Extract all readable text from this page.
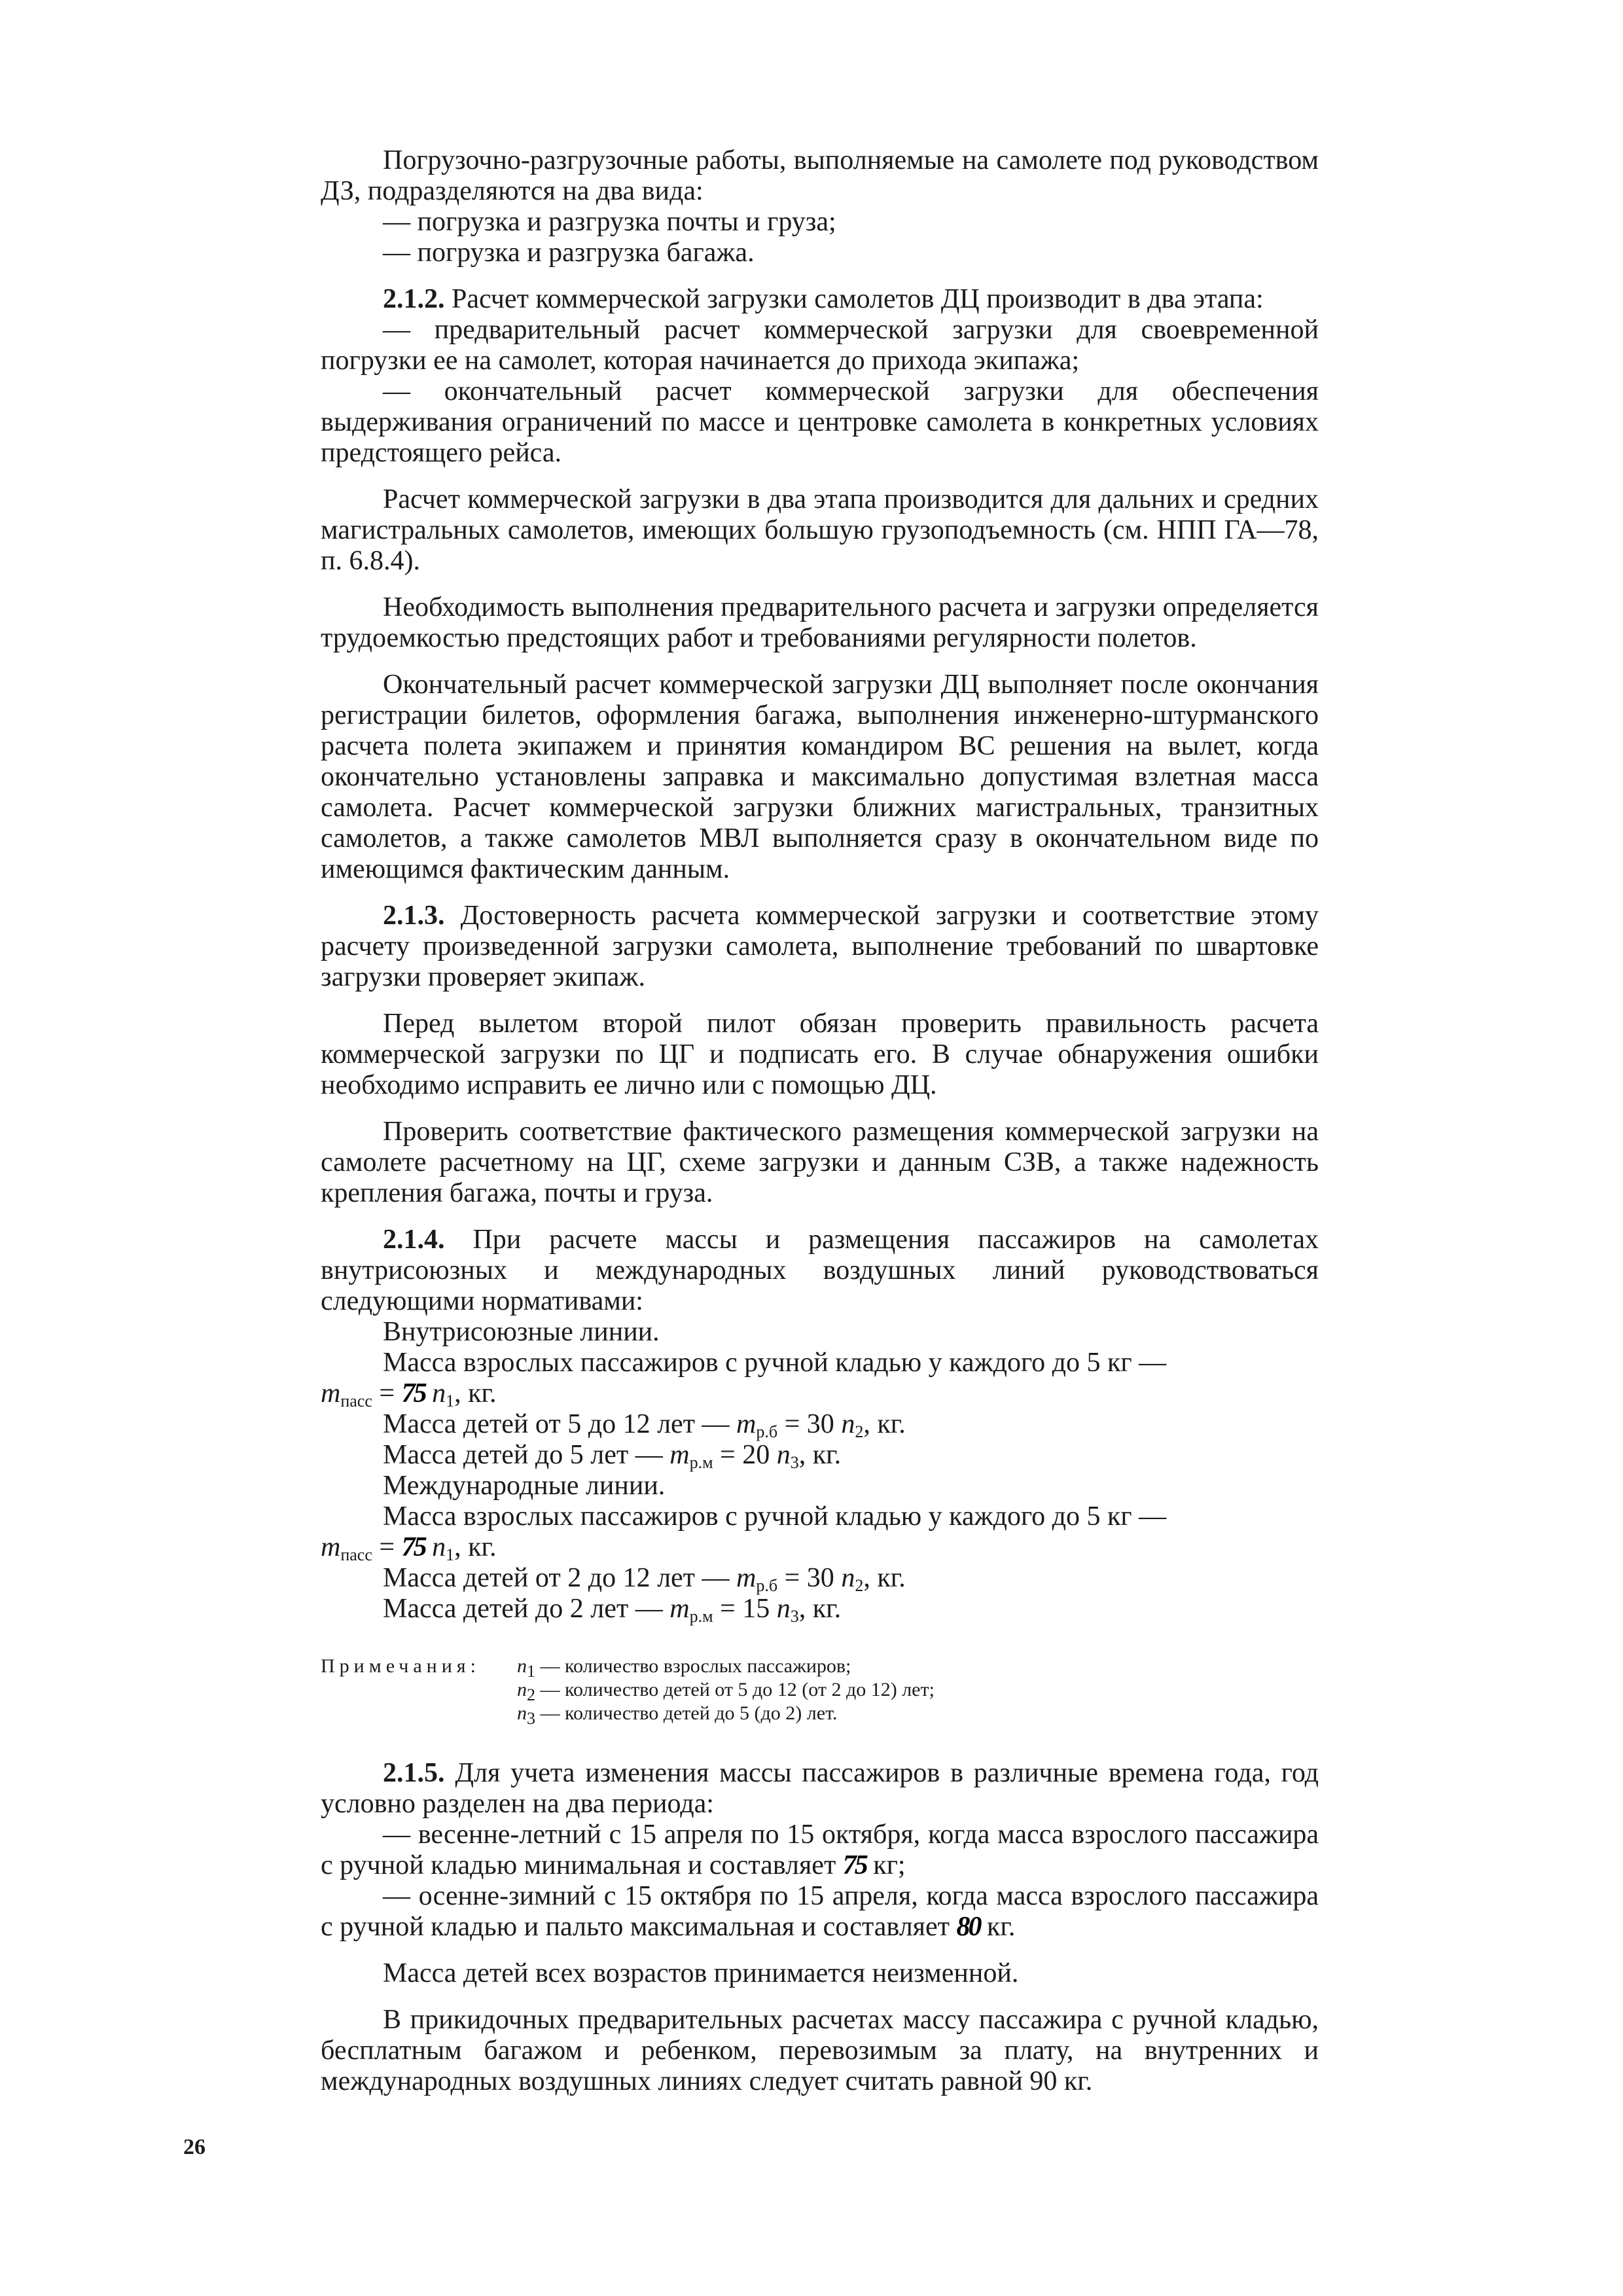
Погрузочно-разгрузочные работы, выполняемые на самолете под руководством ДЗ, подразделяются на два вида:

— погрузка и разгрузка почты и груза;

— погрузка и разгрузка багажа.

2.1.2. Расчет коммерческой загрузки самолетов ДЦ производит в два этапа:

— предварительный расчет коммерческой загрузки для своевременной погрузки ее на самолет, которая начинается до прихода экипажа;

— окончательный расчет коммерческой загрузки для обеспечения выдерживания ограничений по массе и центровке самолета в конкретных условиях предстоящего рейса.

Расчет коммерческой загрузки в два этапа производится для дальних и средних магистральных самолетов, имеющих большую грузоподъемность (см. НПП ГА—78, п. 6.8.4).

Необходимость выполнения предварительного расчета и загрузки определяется трудоемкостью предстоящих работ и требованиями регулярности полетов.

Окончательный расчет коммерческой загрузки ДЦ выполняет после окончания регистрации билетов, оформления багажа, выполнения инженерно-штурманского расчета полета экипажем и принятия командиром ВС решения на вылет, когда окончательно установлены заправка и максимально допустимая взлетная масса самолета. Расчет коммерческой загрузки ближних магистральных, транзитных самолетов, а также самолетов МВЛ выполняется сразу в окончательном виде по имеющимся фактическим данным.

2.1.3. Достоверность расчета коммерческой загрузки и соответствие этому расчету произведенной загрузки самолета, выполнение требований по швартовке загрузки проверяет экипаж.

Перед вылетом второй пилот обязан проверить правильность расчета коммерческой загрузки по ЦГ и подписать его. В случае обнаружения ошибки необходимо исправить ее лично или с помощью ДЦ.

Проверить соответствие фактического размещения коммерческой загрузки на самолете расчетному на ЦГ, схеме загрузки и данным СЗВ, а также надежность крепления багажа, почты и груза.

2.1.4. При расчете массы и размещения пассажиров на самолетах внутрисоюзных и международных воздушных линий руководствоваться следующими нормативами:

Внутрисоюзные линии.

Масса взрослых пассажиров с ручной кладью у каждого до 5 кг —

$m_{пасс} = 75$ $n_1$, кг.

Масса детей от 5 до 12 лет — $m_{р.б} = 30$ $n_2$, кг.

Масса детей до 5 лет — $m_{р.м} = 20$ $n_3$, кг.

Международные линии.

Масса взрослых пассажиров с ручной кладью у каждого до 5 кг —

$m_{пасс} = 75$ $n_1$, кг.

Масса детей от 2 до 12 лет — $m_{р.б} = 30$ $n_2$, кг.

Масса детей до 2 лет — $m_{р.м} = 15$ $n_3$, кг.

Примечания:	$n_1$ — количество взрослых пассажиров;
$n_2$ — количество детей от 5 до 12 (от 2 до 12) лет;
$n_3$ — количество детей до 5 (до 2) лет.

2.1.5. Для учета изменения массы пассажиров в различные времена года, год условно разделен на два периода:

— весенне-летний с 15 апреля по 15 октября, когда масса взрослого пассажира с ручной кладью минимальная и составляет 75 кг;

— осенне-зимний с 15 октября по 15 апреля, когда масса взрослого пассажира с ручной кладью и пальто максимальная и составляет 80 кг.

Масса детей всех возрастов принимается неизменной.

В прикидочных предварительных расчетах массу пассажира с ручной кладью, бесплатным багажом и ребенком, перевозимым за плату, на внутренних и международных воздушных линиях следует считать равной 90 кг.

26
